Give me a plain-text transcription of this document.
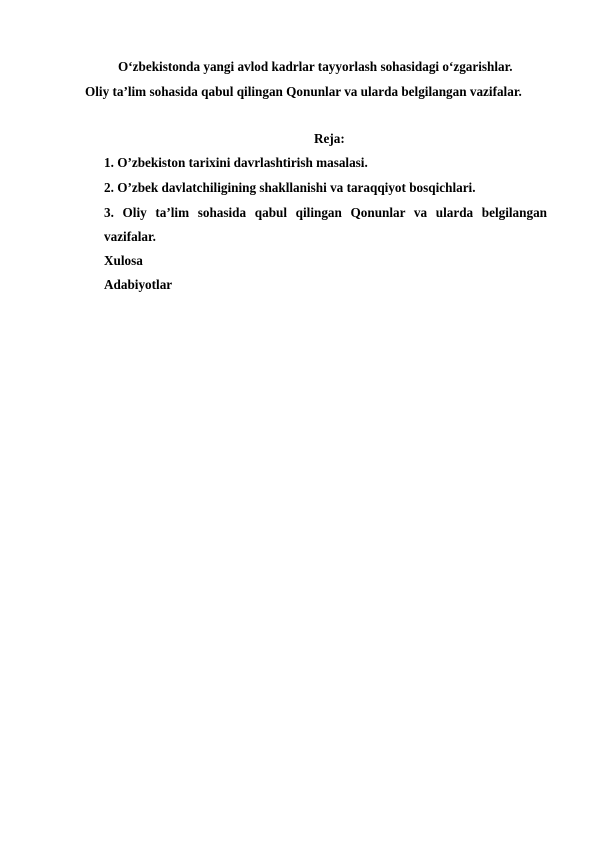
O‘zbekistonda yangi avlod kadrlar tayyorlash sohasidagi o‘zgarishlar.
Oliy ta’lim sohasida qabul qilingan Qonunlar va ularda belgilangan vazifalar.
Reja:
1. O’zbekiston tarixini davrlashtirish masalasi.
2. O’zbek davlatchiligining shakllanishi va taraqqiyot bosqichlari.
3. Oliy ta’lim sohasida qabul qilingan Qonunlar va ularda belgilangan
vazifalar.
Xulosa
Adabiyotlar
